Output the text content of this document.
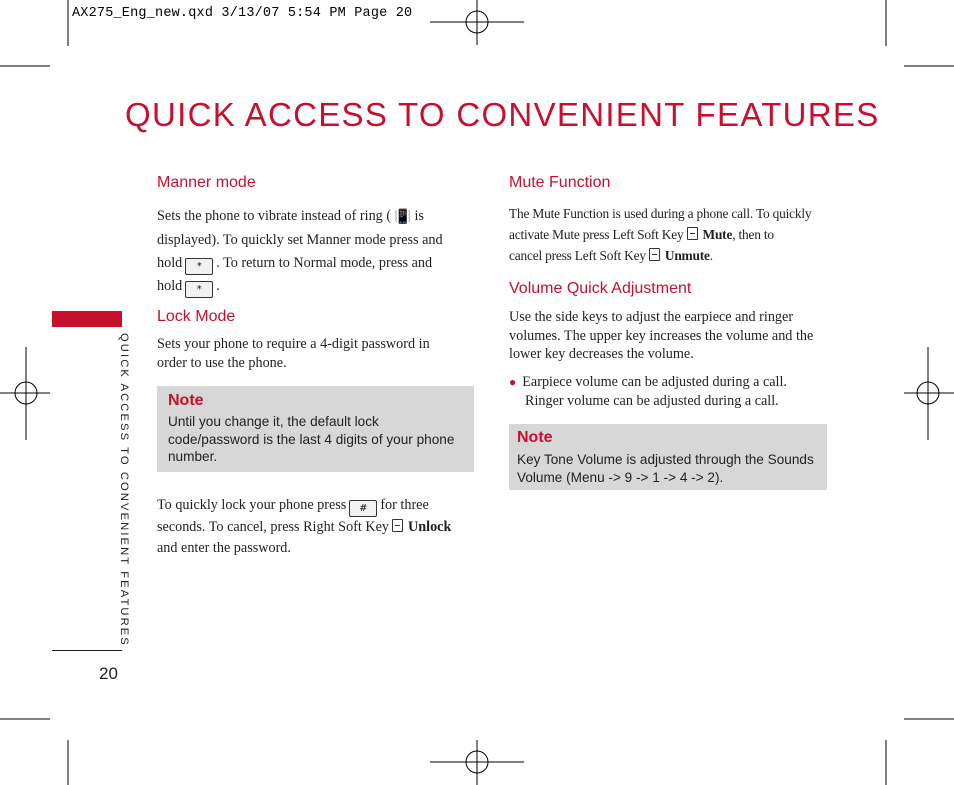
AX275_Eng_new.qxd 3/13/07 5:54 PM Page 20
QUICK ACCESS TO CONVENIENT FEATURES
QUICK ACCESS TO CONVENIENT FEATURES
20
Manner mode
Sets the phone to vibrate instead of ring ( 📳 is
displayed). To quickly set Manner mode press and
hold * . To return to Normal mode, press and
hold * .
Lock Mode
Sets your phone to require a 4-digit password in
order to use the phone.
Note
Until you change it, the default lock
code/password is the last 4 digits of your phone
number.
To quickly lock your phone press # for three
seconds. To cancel, press Right Soft Key Unlock
and enter the password.
Mute Function
The Mute Function is used during a phone call. To quickly
activate Mute press Left Soft Key Mute, then to
cancel press Left Soft Key Unmute.
Volume Quick Adjustment
Use the side keys to adjust the earpiece and ringer
volumes. The upper key increases the volume and the
lower key decreases the volume.
● Earpiece volume can be adjusted during a call.
Ringer volume can be adjusted during a call.
Note
Key Tone Volume is adjusted through the Sounds
Volume (Menu -> 9 -> 1 -> 4 -> 2).
